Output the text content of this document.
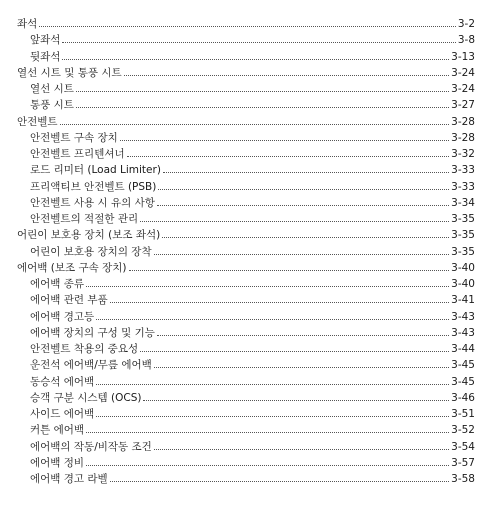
좌석	3-2
앞좌석	3-8
뒷좌석	3-13
열선 시트 및 통풍 시트	3-24
열선 시트	3-24
통풍 시트	3-27
안전벨트	3-28
안전벨트 구속 장치	3-28
안전벨트 프리텐셔너	3-32
로드 리미터 (Load Limiter)	3-33
프리액티브 안전벨트 (PSB)	3-33
안전벨트 사용 시 유의 사항	3-34
안전벨트의 적절한 관리	3-35
어린이 보호용 장치 (보조 좌석)	3-35
어린이 보호용 장치의 장착	3-35
에어백 (보조 구속 장치)	3-40
에어백 종류	3-40
에어백 관련 부품	3-41
에어백 경고등	3-43
에어백 장치의 구성 및 기능	3-43
안전벨트 착용의 중요성	3-44
운전석 에어백/무릎 에어백	3-45
동승석 에어백	3-45
승객 구분 시스템 (OCS)	3-46
사이드 에어백	3-51
커튼 에어백	3-52
에어백의 작동/비작동 조건	3-54
에어백 정비	3-57
에어백 경고 라벨	3-58
